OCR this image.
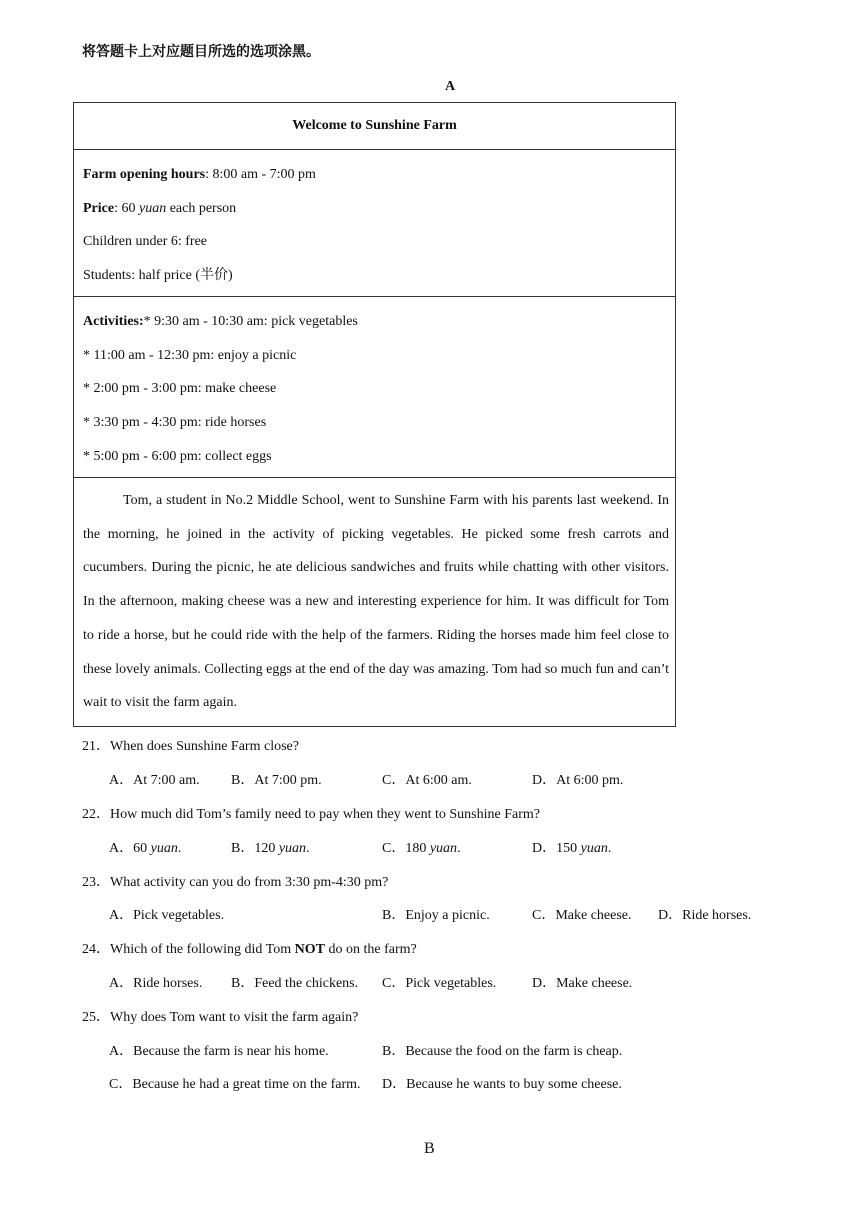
将答题卡上对应题目所选的选项涂黑。
A
Welcome to Sunshine Farm
Farm opening hours: 8:00 am - 7:00 pm
Price: 60 yuan each person
Children under 6: free
Students: half price (半价)
Activities:* 9:30 am - 10:30 am: pick vegetables
* 11:00 am - 12:30 pm: enjoy a picnic
* 2:00 pm - 3:00 pm: make cheese
* 3:30 pm - 4:30 pm: ride horses
* 5:00 pm - 6:00 pm: collect eggs

Tom, a student in No.2 Middle School, went to Sunshine Farm with his parents last weekend. In the morning, he joined in the activity of picking vegetables. He picked some fresh carrots and cucumbers. During the picnic, he ate delicious sandwiches and fruits while chatting with other visitors. In the afternoon, making cheese was a new and interesting experience for him. It was difficult for Tom to ride a horse, but he could ride with the help of the farmers. Riding the horses made him feel close to these lovely animals. Collecting eggs at the end of the day was amazing. Tom had so much fun and can’t wait to visit the farm again.

21．When does Sunshine Farm close?
A．At 7:00 am. B．At 7:00 pm.	C．At 6:00 am.	D．At 6:00 pm.
22．How much did Tom’s family need to pay when they went to Sunshine Farm?
A．60 yuan.	B．120 yuan.	C．180 yuan.	D．150 yuan.
23．What activity can you do from 3:30 pm-4:30 pm?
A．Pick vegetables.	B．Enjoy a picnic.	C．Make cheese. D．Ride horses.
24．Which of the following did Tom NOT do on the farm?
A．Ride horses. B．Feed the chickens. C．Pick vegetables.	D．Make cheese.
25．Why does Tom want to visit the farm again?
A．Because the farm is near his home.	B．Because the food on the farm is cheap.
C．Because he had a great time on the farm. D．Because he wants to buy some cheese.
B
